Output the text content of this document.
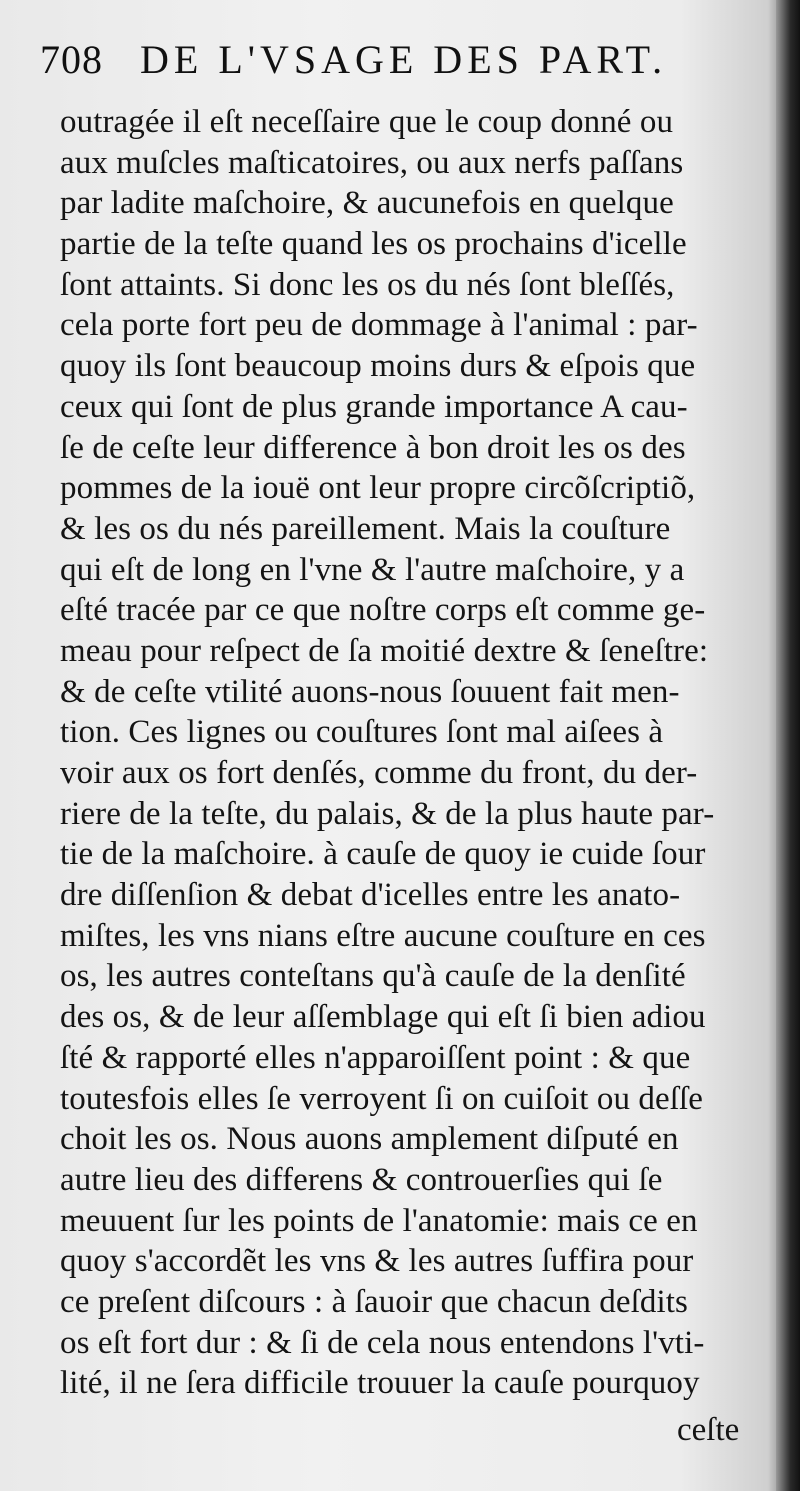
708 DE L'VSAGE DES PART.
outragée il eſt neceſſaire que le coup donné ou
aux muſcles maſticatoires, ou aux nerfs paſſans
par ladite maſchoire, & aucunefois en quelque
partie de la teſte quand les os prochains d'icelle
ſont attaints. Si donc les os du nés ſont bleſſés,
cela porte fort peu de dommage à l'animal : par-
quoy ils ſont beaucoup moins durs & eſpois que
ceux qui ſont de plus grande importance A cau-
ſe de ceſte leur difference à bon droit les os des
pommes de la iouë ont leur propre circõſcriptiõ,
& les os du nés pareillement. Mais la couſture
qui eſt de long en l'vne & l'autre maſchoire, y a
eſté tracée par ce que noſtre corps eſt comme ge-
meau pour reſpect de ſa moitié dextre & ſeneſtre:
& de ceſte vtilité auons-nous ſouuent fait men-
tion. Ces lignes ou couſtures ſont mal aiſees à
voir aux os fort denſés, comme du front, du der-
riere de la teſte, du palais, & de la plus haute par-
tie de la maſchoire. à cauſe de quoy ie cuide ſour
dre diſſenſion & debat d'icelles entre les anato-
miſtes, les vns nians eſtre aucune couſture en ces
os, les autres conteſtans qu'à cauſe de la denſité
des os, & de leur aſſemblage qui eſt ſi bien adiou
ſté & rapporté elles n'apparoiſſent point : & que
toutesfois elles ſe verroyent ſi on cuiſoit ou deſſe
choit les os. Nous auons amplement diſputé en
autre lieu des differens & controuerſies qui ſe
meuuent ſur les points de l'anatomie: mais ce en
quoy s'accordẽt les vns & les autres ſuffira pour
ce preſent diſcours : à ſauoir que chacun deſdits
os eſt fort dur : & ſi de cela nous entendons l'vti-
lité, il ne ſera difficile trouuer la cauſe pourquoy
ceſte
